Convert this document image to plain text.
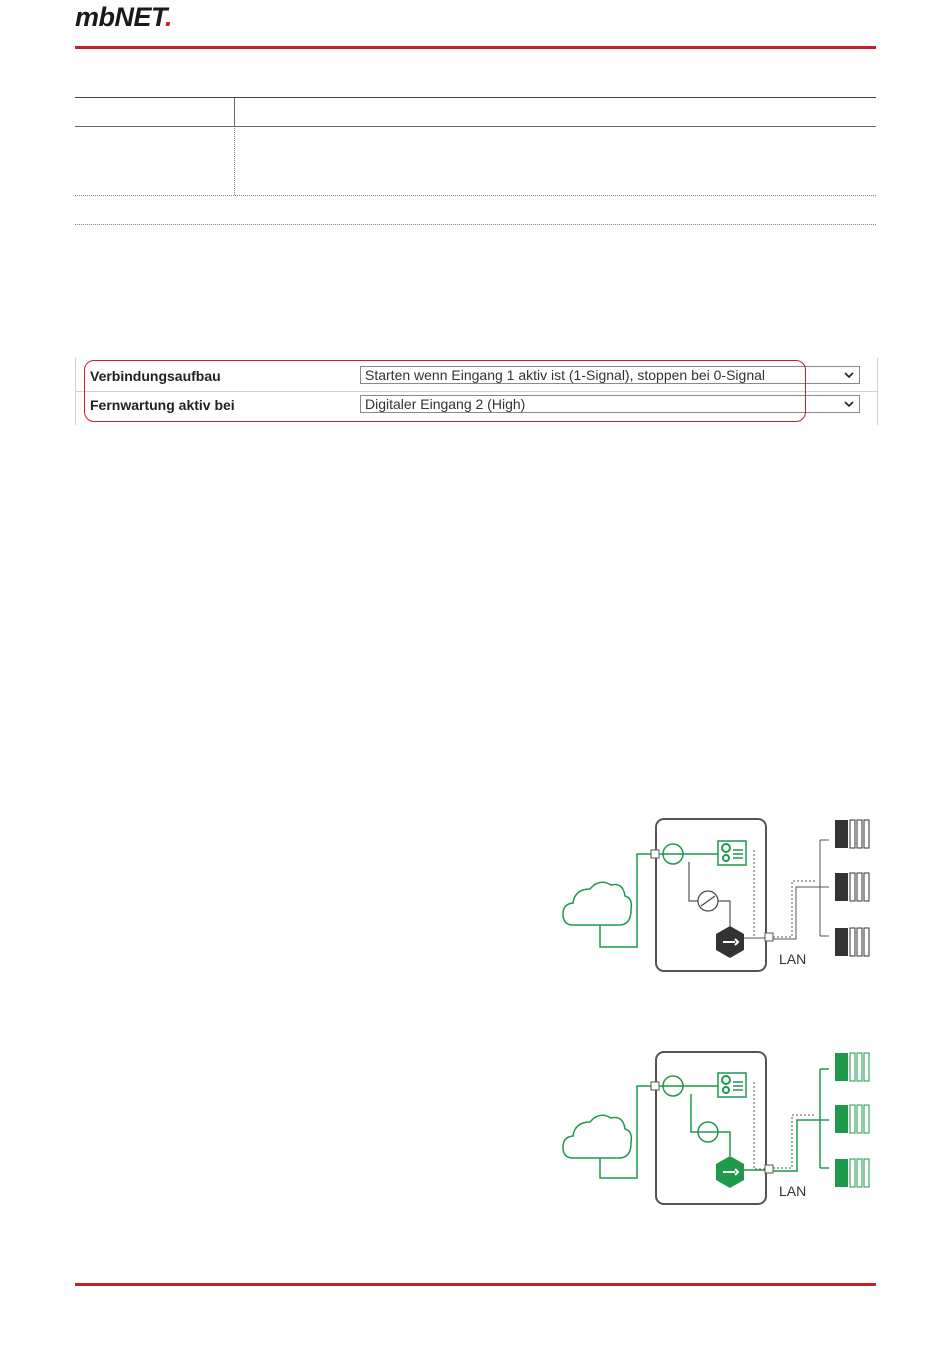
mbNET.
Verbindungsaufbau	Starten wenn Eingang 1 aktiv ist (1-Signal), stoppen bei 0-Signal
Fernwartung aktiv bei	Digitaler Eingang 2 (High)
LAN
LAN
